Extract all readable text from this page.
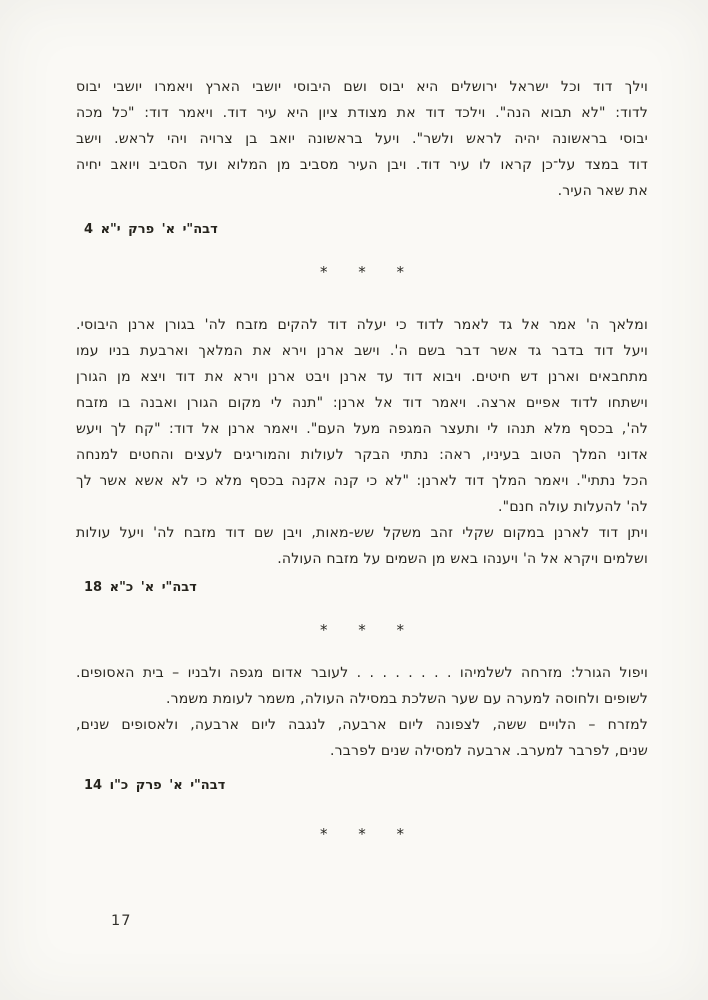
וילך דוד וכל ישראל ירושלים היא יבוס ושם היבוסי יושבי הארץ ויאמרו יושבי יבוס
לדוד: "לא תבוא הנה". וילכד דוד את מצודת ציון היא עיר דוד. ויאמר דוד: "כל מכה
יבוסי בראשונה יהיה לראש ולשר". ויעל בראשונה יואב בן צרויה ויהי לראש. וישב
דוד במצד על־כן קראו לו עיר דוד. ויבן העיר מסביב מן המלוא ועד הסביב ויואב יחיה
את שאר העיר.
דבה"י א' פרק י"א 4
* * *
ומלאך ה' אמר אל גד לאמר לדוד כי יעלה דוד להקים מזבח לה' בגורן ארנן היבוסי.
ויעל דוד בדבר גד אשר דבר בשם ה'. וישב ארנן וירא את המלאך וארבעת בניו עמו
מתחבאים וארנן דש חיטים. ויבוא דוד עד ארנן ויבט ארנן וירא את דוד ויצא מן הגורן
וישתחו לדוד אפיים ארצה. ויאמר דוד אל ארנן: "תנה לי מקום הגורן ואבנה בו מזבח
לה', בכסף מלא תנהו לי ותעצר המגפה מעל העם". ויאמר ארנן אל דוד: "קח לך ויעש
אדוני המלך הטוב בעיניו, ראה: נתתי הבקר לעולות והמוריגים לעצים והחטים למנחה
הכל נתתי". ויאמר המלך דוד לארנן: "לא כי קנה אקנה בכסף מלא כי לא אשא אשר לך
לה' להעלות עולה חנם".
ויתן דוד לארנן במקום שקלי זהב משקל שש-מאות, ויבן שם דוד מזבח לה' ויעל עולות
ושלמים ויקרא אל ה' ויענהו באש מן השמים על מזבח העולה.
דבה"י א' כ"א 18
* * *
ויפול הגורל: מזרחה לשלמיהו . . . . . . . . לעובר אדום מגפה ולבניו – בית האסופים.
לשופים ולחוסה למערה עם שער השלכת במסילה העולה, משמר לעומת משמר.
למזרח – הלויים ששה, לצפונה ליום ארבעה, לנגבה ליום ארבעה, ולאסופים שנים,
שנים, לפרבר למערב. ארבעה למסילה שנים לפרבר.
דבה"י א' פרק כ"ו 14
* * *
17
